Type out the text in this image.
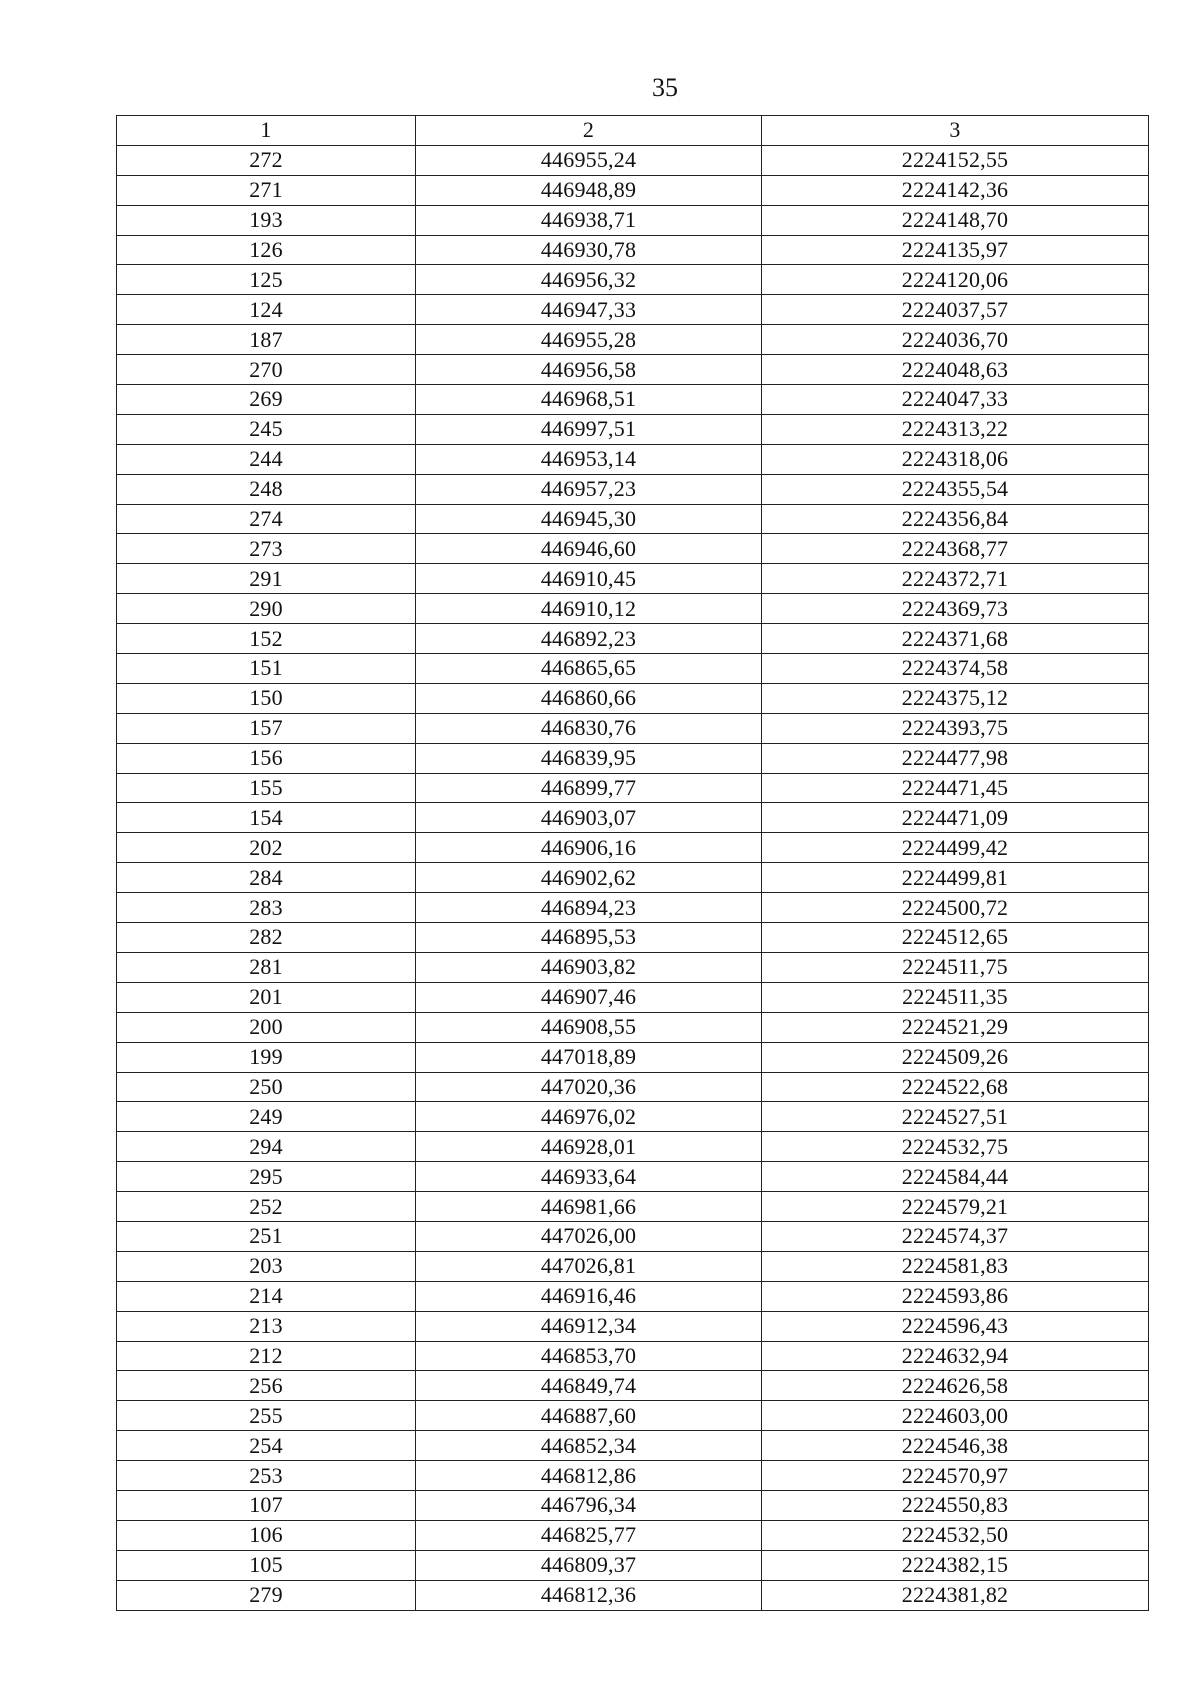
35
1	2	3
272	446955,24	2224152,55
271	446948,89	2224142,36
193	446938,71	2224148,70
126	446930,78	2224135,97
125	446956,32	2224120,06
124	446947,33	2224037,57
187	446955,28	2224036,70
270	446956,58	2224048,63
269	446968,51	2224047,33
245	446997,51	2224313,22
244	446953,14	2224318,06
248	446957,23	2224355,54
274	446945,30	2224356,84
273	446946,60	2224368,77
291	446910,45	2224372,71
290	446910,12	2224369,73
152	446892,23	2224371,68
151	446865,65	2224374,58
150	446860,66	2224375,12
157	446830,76	2224393,75
156	446839,95	2224477,98
155	446899,77	2224471,45
154	446903,07	2224471,09
202	446906,16	2224499,42
284	446902,62	2224499,81
283	446894,23	2224500,72
282	446895,53	2224512,65
281	446903,82	2224511,75
201	446907,46	2224511,35
200	446908,55	2224521,29
199	447018,89	2224509,26
250	447020,36	2224522,68
249	446976,02	2224527,51
294	446928,01	2224532,75
295	446933,64	2224584,44
252	446981,66	2224579,21
251	447026,00	2224574,37
203	447026,81	2224581,83
214	446916,46	2224593,86
213	446912,34	2224596,43
212	446853,70	2224632,94
256	446849,74	2224626,58
255	446887,60	2224603,00
254	446852,34	2224546,38
253	446812,86	2224570,97
107	446796,34	2224550,83
106	446825,77	2224532,50
105	446809,37	2224382,15
279	446812,36	2224381,82
